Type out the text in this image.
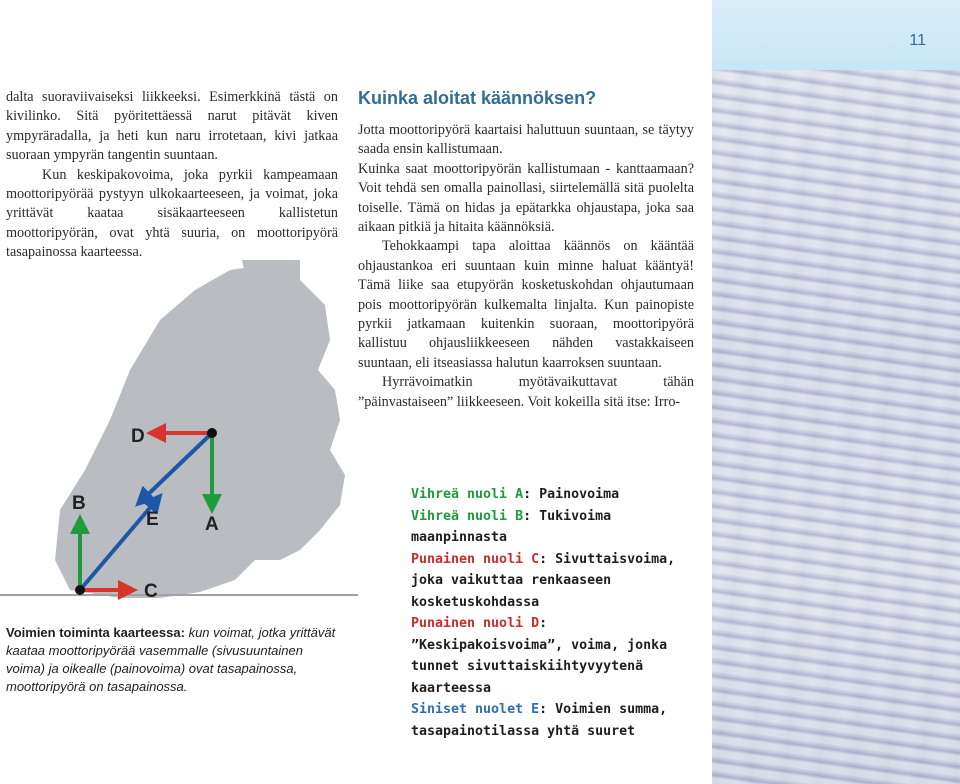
11
D
A
E
B
C

dalta suoraviivaiseksi liikkeeksi. Esimerkkinä tästä on kivilinko. Sitä pyöritettäessä narut pitävät kiven ympyräradalla, ja heti kun naru irrotetaan, kivi jatkaa suoraan ympyrän tangentin suuntaan.

Kun keskipakovoima, joka pyrkii kampeamaan moottoripyörää pystyyn ulkokaarteeseen, ja voimat, joka yrittävät kaataa sisäkaarteeseen kallistetun moottoripyörän, ovat yhtä suuria, on moottoripyörä tasapainossa kaarteessa.

Kuinka aloitat käännöksen?

Jotta moottoripyörä kaartaisi haluttuun suuntaan, se täytyy saada ensin kallistumaan.

Kuinka saat moottoripyörän kallistumaan - kanttaamaan? Voit tehdä sen omalla painollasi, siirtelemällä sitä puolelta toiselle. Tämä on hidas ja epätarkka ohjaustapa, joka saa aikaan pitkiä ja hitaita käännöksiä.

Tehokkaampi tapa aloittaa käännös on kääntää ohjaustankoa eri suuntaan kuin minne haluat kääntyä! Tämä liike saa etupyörän kosketuskohdan ohjautumaan pois moottoripyörän kulkemalta linjalta. Kun painopiste pyrkii jatkamaan kuitenkin suoraan, moottoripyörä kallistuu ohjausliikkeeseen nähden vastakkaiseen suuntaan, eli itseasiassa halutun kaarroksen suuntaan.

Hyrrävoimatkin myötävaikuttavat tähän ”päinvastaiseen” liikkeeseen. Voit kokeilla sitä itse: Irro-

Voimien toiminta kaarteessa: kun voimat, jotka yrittävät kaataa moottoripyörää vasemmalle (sivusuuntainen voima) ja oikealle (painovoima) ovat tasapainossa, moottoripyörä on tasapainossa.
Vihreä nuoli A: Painovoima
Vihreä nuoli B: Tukivoima maanpinnasta
Punainen nuoli C: Sivuttaisvoima, joka vaikuttaa renkaaseen kosketuskohdassa
Punainen nuoli D: ”Keskipakoisvoima”, voima, jonka tunnet sivuttaiskiihtyvyytenä kaarteessa
Siniset nuolet E: Voimien summa, tasapainotilassa yhtä suuret
